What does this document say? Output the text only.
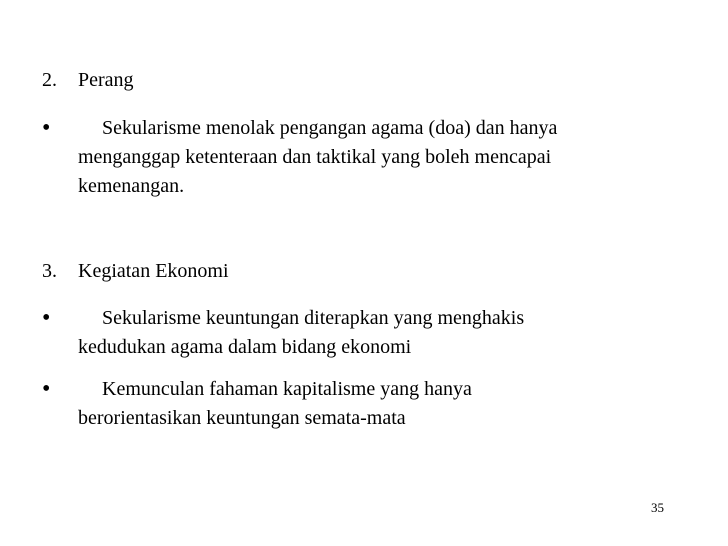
2.	Perang
•	Sekularisme menolak pengangan agama (doa) dan hanya
menganggap ketenteraan dan taktikal yang boleh mencapai
kemenangan.
3.	Kegiatan Ekonomi
•	Sekularisme keuntungan diterapkan yang menghakis
kedudukan agama dalam bidang ekonomi
•	Kemunculan fahaman kapitalisme yang hanya
berorientasikan keuntungan semata-mata
35
